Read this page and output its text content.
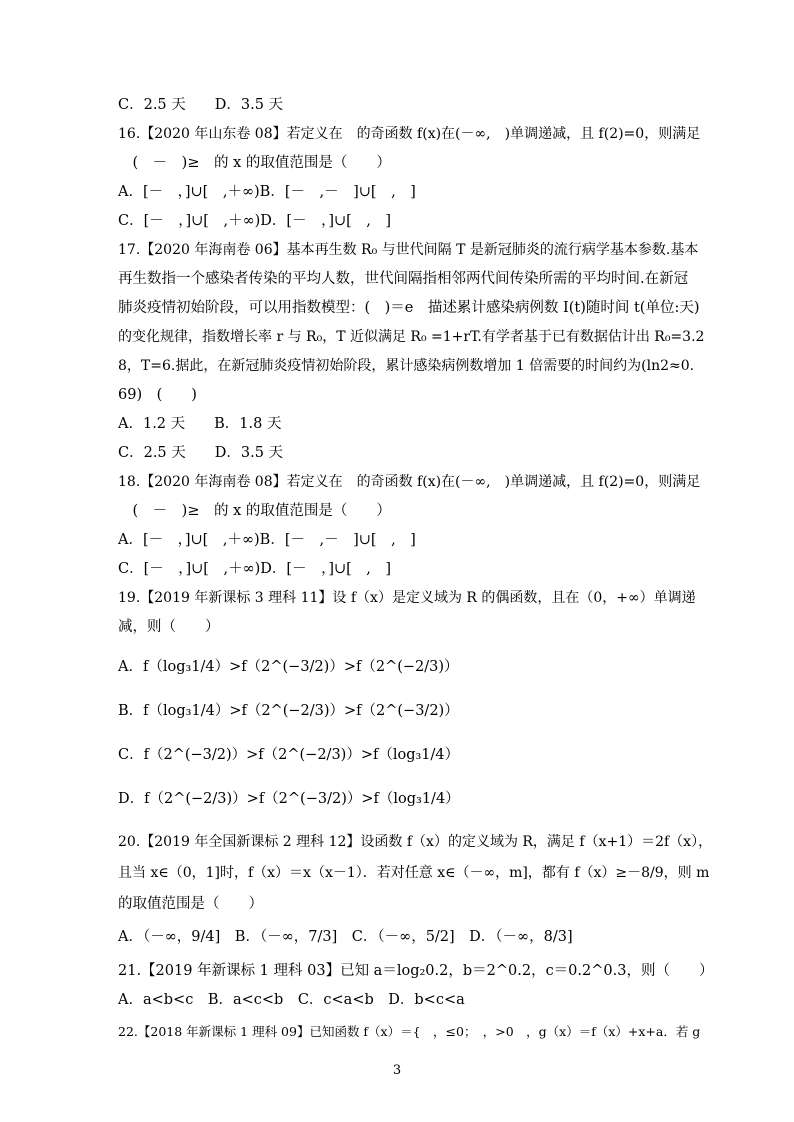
C．2.5 天　　D．3.5 天
16.【2020 年山东卷 08】若定义在　的奇函数 f(x)在(－∞,　)单调递减，且 f(2)=0，则满足
　(　－　)≥　的 x 的取值范围是（　　）
A．[－　，]∪[　,＋∞)B．[－　,－　]∪[　,　]
C．[－　，]∪[　,＋∞)D．[－　，]∪[　,　]
17.【2020 年海南卷 06】基本再生数 R₀ 与世代间隔 T 是新冠肺炎的流行病学基本参数.基本
再生数指一个感染者传染的平均人数，世代间隔指相邻两代间传染所需的平均时间.在新冠
肺炎疫情初始阶段，可以用指数模型：(　)＝e　描述累计感染病例数 I(t)随时间 t(单位:天)
的变化规律，指数增长率 r 与 R₀，T 近似满足 R₀ =1+rT.有学者基于已有数据估计出 R₀=3.2
8，T=6.据此，在新冠肺炎疫情初始阶段，累计感染病例数增加 1 倍需要的时间约为(ln2≈0.
69)　(　　)
A．1.2 天　　B．1.8 天
C．2.5 天　　D．3.5 天
18.【2020 年海南卷 08】若定义在　的奇函数 f(x)在(－∞,　)单调递减，且 f(2)=0，则满足
　(　－　)≥　的 x 的取值范围是（　　）
A．[－　，]∪[　,＋∞)B．[－　,－　]∪[　,　]
C．[－　，]∪[　,＋∞)D．[－　，]∪[　,　]
19.【2019 年新课标 3 理科 11】设 f（x）是定义域为 R 的偶函数，且在（0，+∞）单调递
减，则（　　）
A．f（log₃1/4）>f（2^(−3/2)）>f（2^(−2/3)）
B．f（log₃1/4）>f（2^(−2/3)）>f（2^(−3/2)）
C．f（2^(−3/2)）>f（2^(−2/3)）>f（log₃1/4）
D．f（2^(−2/3)）>f（2^(−3/2)）>f（log₃1/4）
20.【2019 年全国新课标 2 理科 12】设函数 f（x）的定义域为 R，满足 f（x+1）＝2f（x），
且当 x∈（0，1]时，f（x）＝x（x－1）．若对任意 x∈（－∞，m]，都有 f（x）≥－8/9，则 m
的取值范围是（　　）
A．（－∞，9/4]　B．（－∞，7/3]　C．（－∞，5/2]　D．（－∞，8/3]
21.【2019 年新课标 1 理科 03】已知 a＝log₂0.2，b＝2^0.2，c＝0.2^0.3，则（　　）
A．a<b<c　B．a<c<b　C．c<a<b　D．b<c<a
22.【2018 年新课标 1 理科 09】已知函数 f（x）＝{　，≤0；　，>0　，g（x）＝f（x）+x+a．若 g
3
